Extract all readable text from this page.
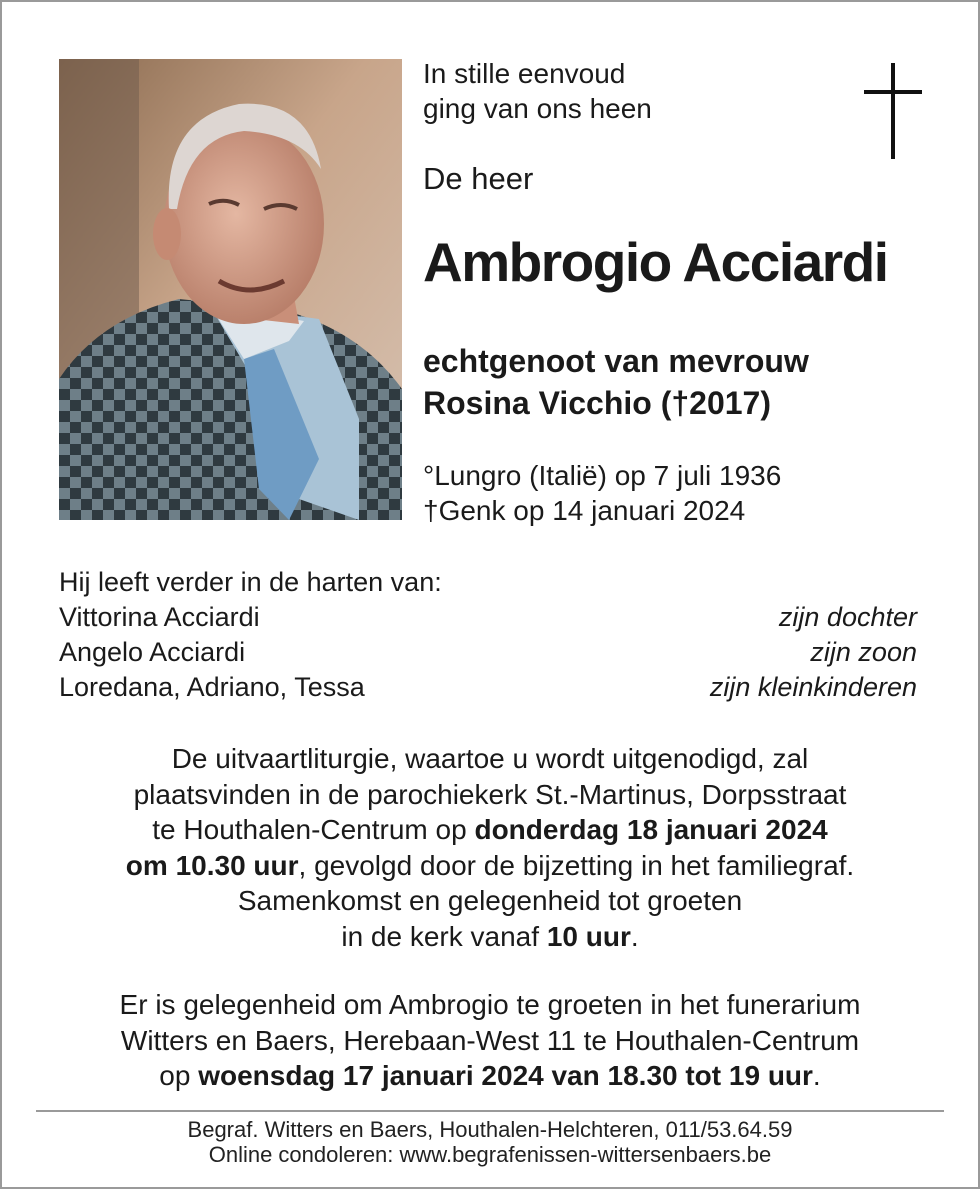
In stille eenvoud
ging van ons heen
De heer
Ambrogio Acciardi
echtgenoot van mevrouw
Rosina Vicchio (†2017)
°Lungro (Italië) op 7 juli 1936
†Genk op 14 januari 2024
Hij leeft verder in de harten van:
Vittorina Acciardi	zijn dochter
Angelo Acciardi	zijn zoon
Loredana, Adriano, Tessa	zijn kleinkinderen
De uitvaartliturgie, waartoe u wordt uitgenodigd, zal
plaatsvinden in de parochiekerk St.-Martinus, Dorpsstraat
te Houthalen-Centrum op donderdag 18 januari 2024
om 10.30 uur, gevolgd door de bijzetting in het familiegraf.
Samenkomst en gelegenheid tot groeten
in de kerk vanaf 10 uur.
Er is gelegenheid om Ambrogio te groeten in het funerarium
Witters en Baers, Herebaan-West 11 te Houthalen-Centrum
op woensdag 17 januari 2024 van 18.30 tot 19 uur.
Begraf. Witters en Baers, Houthalen-Helchteren, 011/53.64.59
Online condoleren: www.begrafenissen-wittersenbaers.be
